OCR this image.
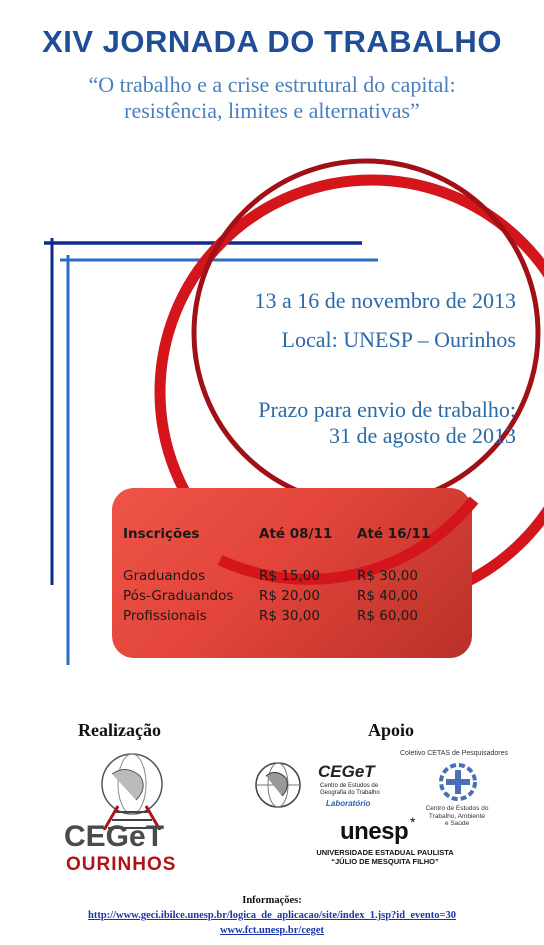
XIV JORNADA DO TRABALHO
“O trabalho e a crise estrutural do capital:
resistência, limites e alternativas”
13 a 16 de novembro de 2013
Local: UNESP – Ourinhos
Prazo para envio de trabalho:
31 de agosto de 2013
Inscrições	Até 08/11 Até 16/11
Graduandos	R$ 15,00	R$ 30,00
Pós-Graduandos R$ 20,00	R$ 40,00
Profissionais	R$ 30,00	R$ 60,00
Realização	Apoio
CEGeT
OURINHOS
CEGeT
Centro de Estudos de
Geografia do Trabalho
Laboratório
Coletivo CETAS de Pesquisadores
Centro de Estudos do
Trabalho, Ambiente
e Saúde
unesp *
UNIVERSIDADE ESTADUAL PAULISTA
“JÚLIO DE MESQUITA FILHO”
Informações:
http://www.geci.ibilce.unesp.br/logica_de_aplicacao/site/index_1.jsp?id_evento=30
www.fct.unesp.br/ceget
